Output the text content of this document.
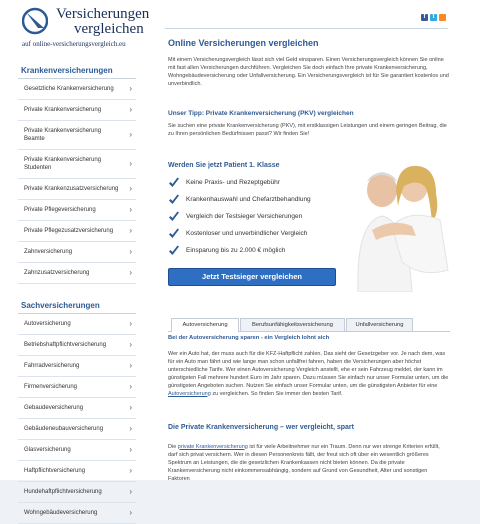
Versicherungen
vergleichen
auf online-versicherungsvergleich.eu
f	t
Krankenversicherungen
Gesetzliche Krankenversicherung ›
Private Krankenversicherung	›
Private Krankenversicherung Beamte	›
Private Krankenversicherung Studenten	›
Private Krankenzusatzversicherung ›
Private Pflegeversicherung	›
Private Pflegezusatzversicherung ›
Zahnversicherung	›
Zahnzusatzversicherung	›
Sachversicherungen
Autoversicherung	›
Betriebshaftpflichtversicherung	›
Fahrradversicherung	›
Firmenversicherung	›
Gebaudeversicherung	›
Gebäudeneubauversicherung	›
Glasversicherung	›
Haftpflichtversicherung	›
Hundehaftpflichtversicherung	›
Wohngebäudeversicherung	›
Online Versicherungen vergleichen

Mit einem Versicherungsvergleich lässt sich viel Geld einsparen. Einen Versicherungsvergleich können Sie online mit fast allen Versicherungen durchführen. Vergleichen Sie doch einfach Ihre private Krankenversicherung, Wohngebäudeversicherung oder Unfallversicherung. Ein Versicherungsvergleich ist für Sie garantiert kostenlos und unverbindlich.

Unser Tipp: Private Krankenversicherung (PKV) vergleichen

Sie suchen eine private Krankenversicherung (PKV), mit erstklassigen Leistungen und einem geringen Beitrag, die zu Ihren persönlichen Bedürfnissen passt? Wir finden Sie!

Werden Sie jetzt Patient 1. Klasse
Keine Praxis- und Rezeptgebühr
Krankenhauswahl und Chefarztbehandlung
Vergleich der Testsieger Versicherungen
Kostenloser und unverbindlicher Vergleich
Einsparung bis zu 2.000 € möglich
Jetzt Testsieger vergleichen
Autoversicherung	Berufsunfähigkeitsversicherung	Unfallversicherung
Bei der Autoversicherung sparen - ein Vergleich lohnt sich

Wer ein Auto hat, der muss auch für die KFZ-Haftpflicht zahlen. Das sieht der Gesetzgeber vor. Je nach dem, was für ein Auto man fährt und wie lange man schon unfallfrei fahren, haben die Versicherungen aber höchst unterschiedliche Tarife. Wer einen Autoversicherung Vergleich anstellt, ehe er sein Fahrzeug meldet, der kann im günstigsten Fall mehrere hundert Euro im Jahr sparen. Dazu müssen Sie einfach nur unser Formular unten, um die günstigsten Angeboten suchen. Nutzen Sie einfach unser Formular unten, um die günstigsten Anbieter für eine Autoversicherung zu vergleichen. So finden Sie immer den besten Tarif.

Die Private Krankenversicherung – wer vergleicht, spart

Die private Krankenversicherung ist für viele Arbeitnehmer nur ein Traum. Denn nur wer strenge Kriterien erfüllt, darf sich privat versichern. Wer in diesen Personenkreis fällt, der freut sich oft über ein wesentlich größeres Spektrum an Leistungen, die die gesetzlichen Krankenkassen nicht bieten können. Da die private Krankenversicherung nicht einkommensabhängig, sondern auf Grund von Gesundheit, Alter und sonstigen Faktoren
